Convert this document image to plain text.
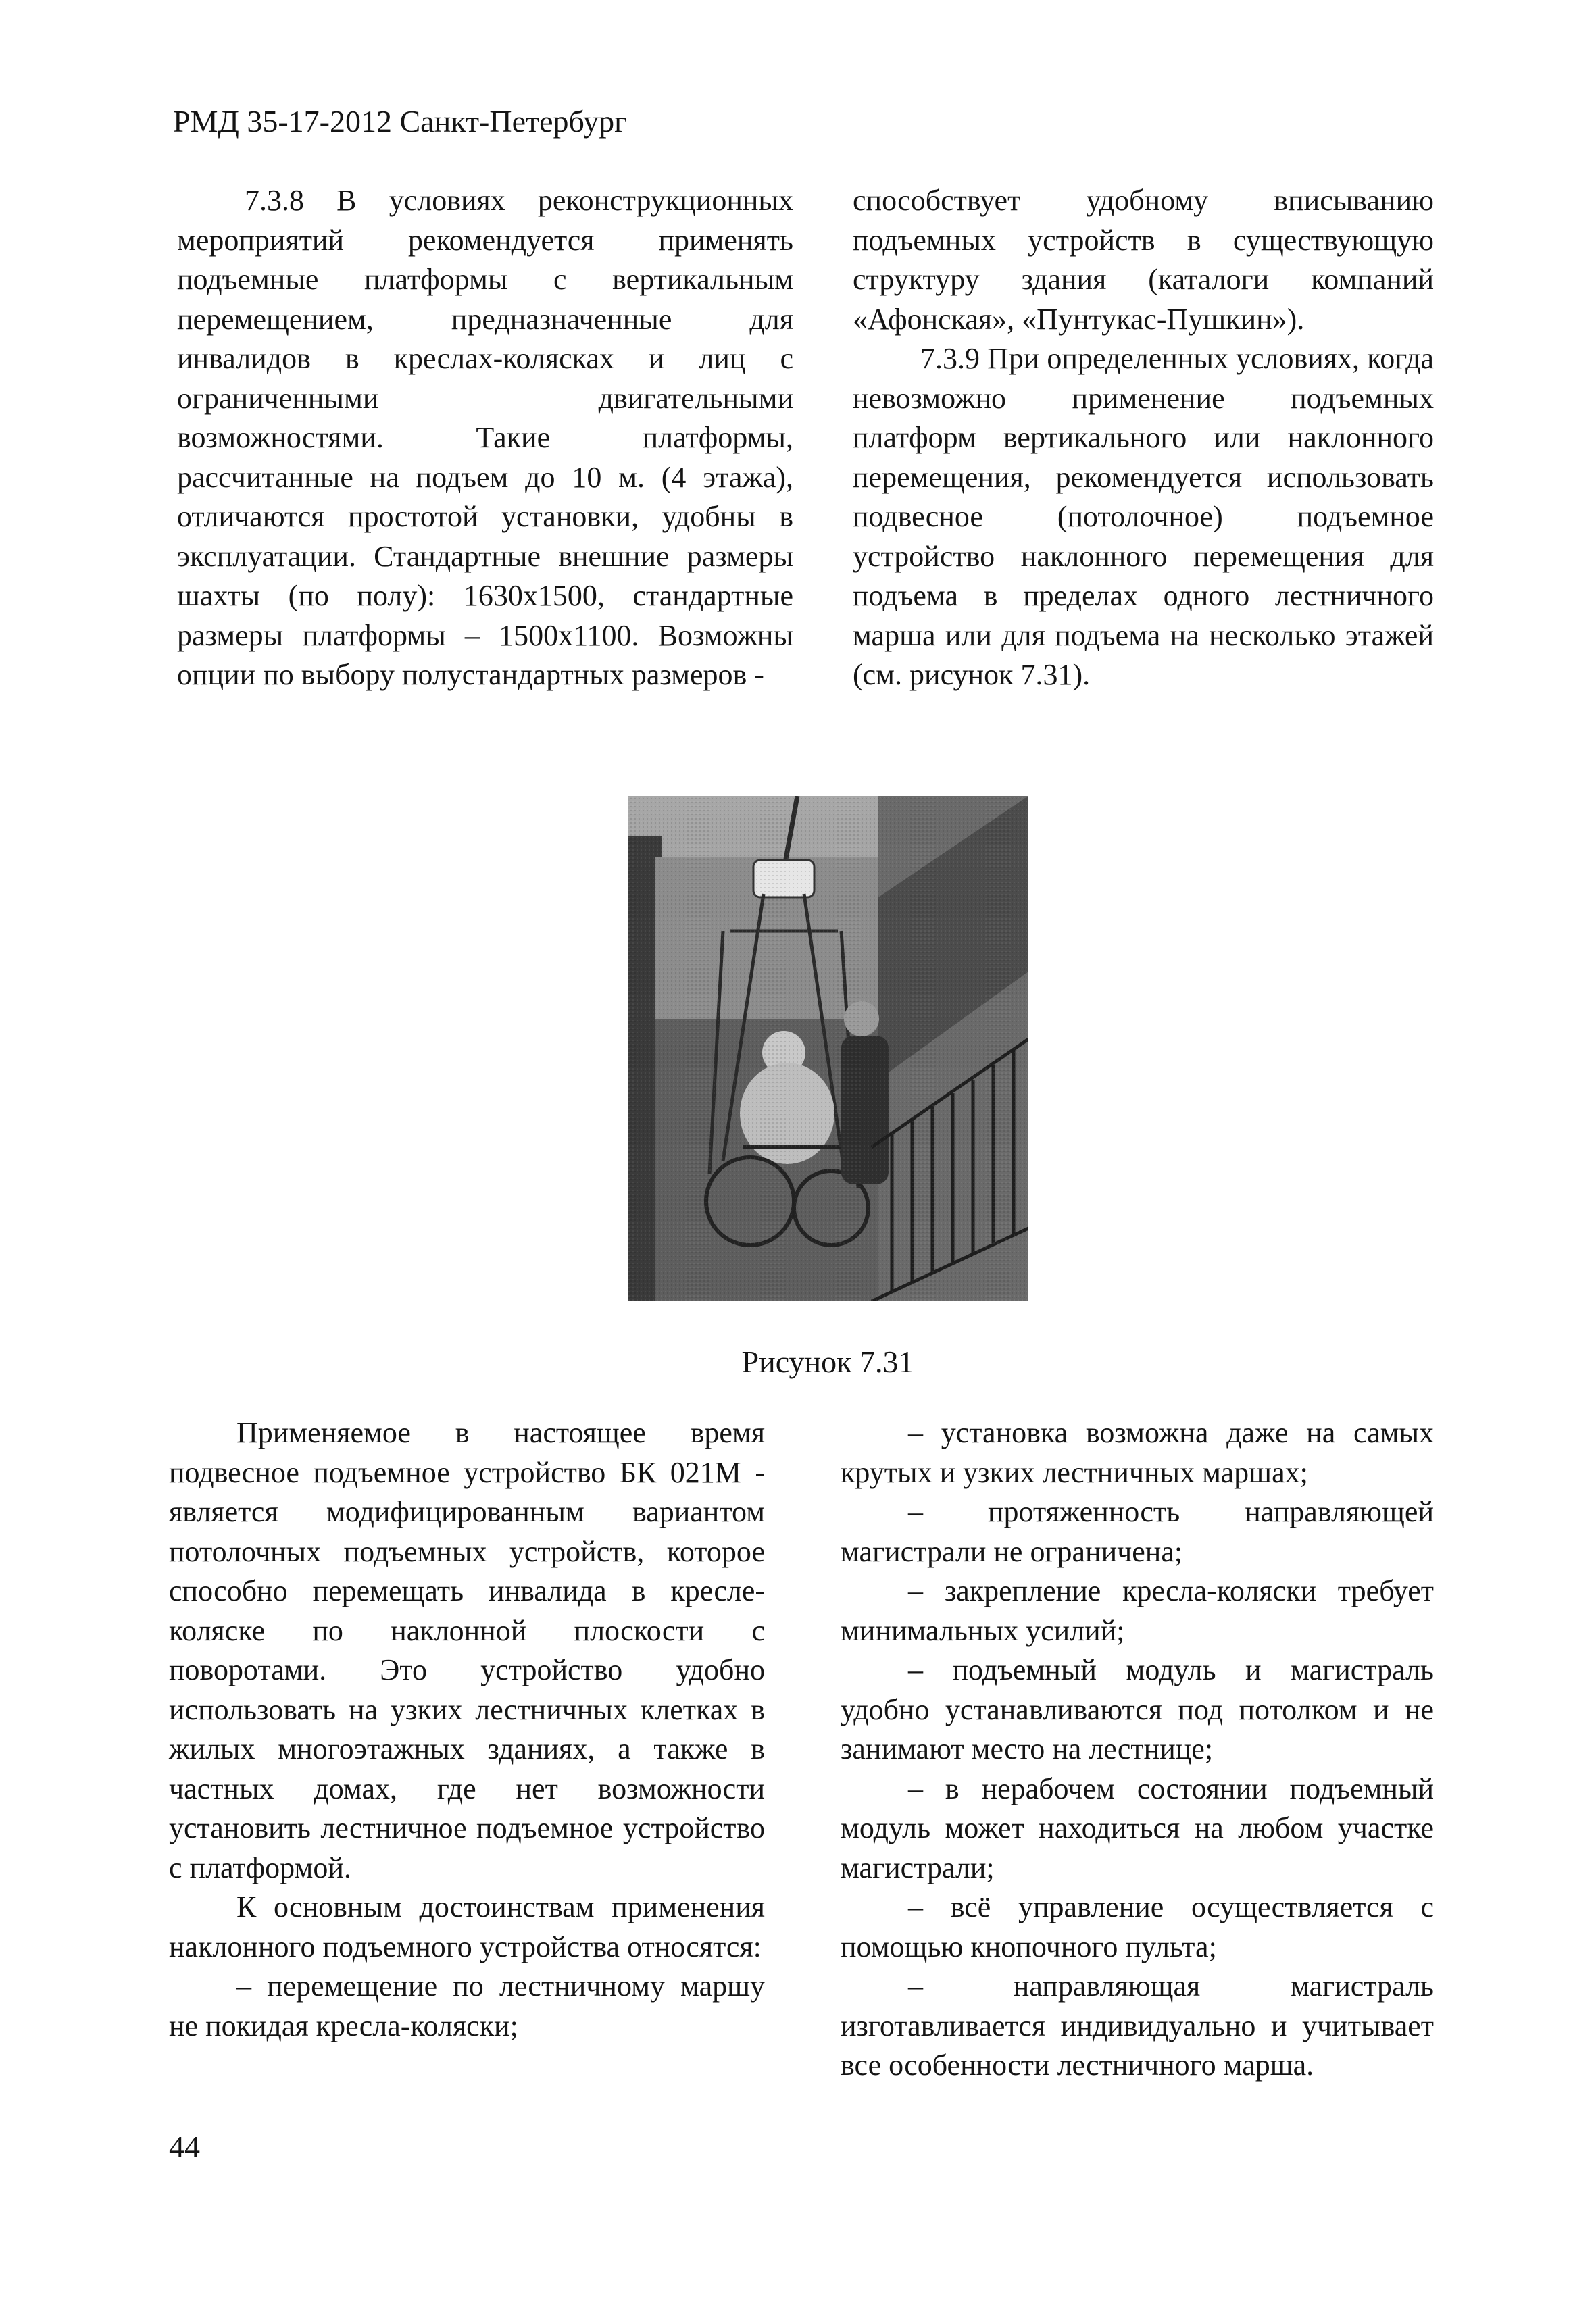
РМД 35-17-2012 Санкт-Петербург

7.3.8 В условиях реконструкционных мероприятий рекомендуется применять подъемные платформы с вертикальным перемещением, предназначенные для инвалидов в креслах-колясках и лиц с ограниченными двигательными возможностями. Такие платформы, рассчитанные на подъем до 10 м. (4 этажа), отличаются простотой установки, удобны в эксплуатации. Стандартные внешние размеры шахты (по полу): 1630х1500, стандартные размеры платформы – 1500х1100. Возможны опции по выбору полустандартных размеров -

способствует удобному вписыванию подъемных устройств в существующую структуру здания (каталоги компаний «Афонская», «Пунтукас-Пушкин»).

7.3.9 При определенных условиях, когда невозможно применение подъемных платформ вертикального или наклонного перемещения, рекомендуется использовать подвесное (потолочное) подъемное устройство наклонного перемещения для подъема в пределах одного лестничного марша или для подъема на несколько этажей (см. рисунок 7.31).

Рисунок 7.31

Применяемое в настоящее время подвесное подъемное устройство БК 021М - является модифицированным вариантом потолочных подъемных устройств, которое способно перемещать инвалида в кресле-коляске по наклонной плоскости с поворотами. Это устройство удобно использовать на узких лестничных клетках в жилых многоэтажных зданиях, а также в частных домах, где нет возможности установить лестничное подъемное устройство с платформой.

К основным достоинствам применения наклонного подъемного устройства относятся:

– перемещение по лестничному маршу не покидая кресла-коляски;

– установка возможна даже на самых крутых и узких лестничных маршах;

– протяженность направляющей магистрали не ограничена;

– закрепление кресла-коляски требует минимальных усилий;

– подъемный модуль и магистраль удобно устанавливаются под потолком и не занимают место на лестнице;

– в нерабочем состоянии подъемный модуль может находиться на любом участке магистрали;

– всё управление осуществляется с помощью кнопочного пульта;

– направляющая магистраль изготавливается индивидуально и учитывает все особенности лестничного марша.

44
